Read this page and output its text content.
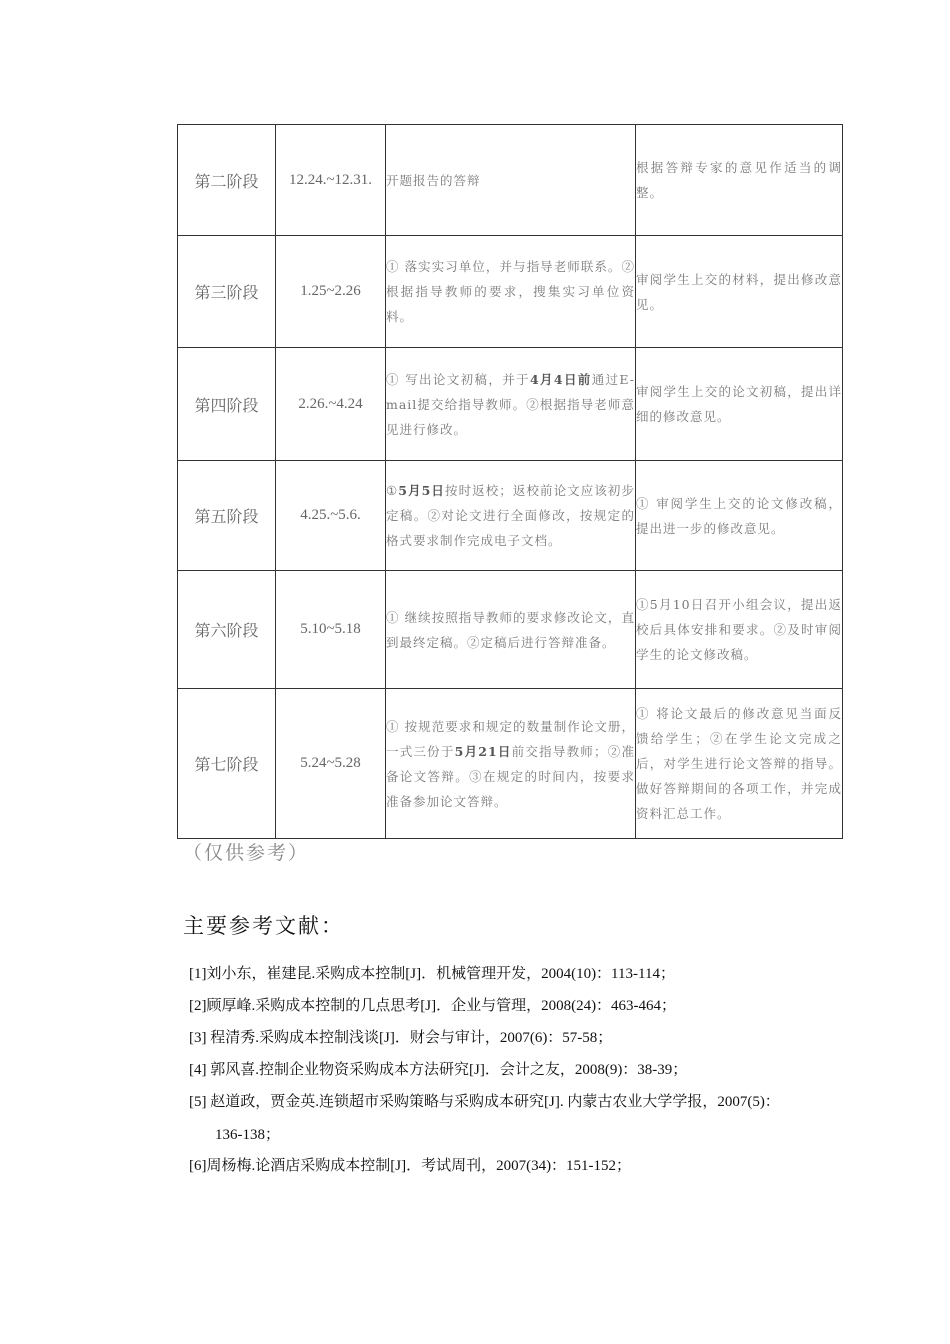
第二阶段	12.24.~12.31.	开题报告的答辩	根据答辩专家的意见作适当的调整。

第三阶段	1.25~2.26	① 落实实习单位，并与指导老师联系。②根据指导教师的要求，搜集实习单位资料。	审阅学生上交的材料，提出修改意见。

第四阶段	2.26.~4.24	① 写出论文初稿，并于4月4日前通过E-mail提交给指导教师。②根据指导老师意见进行修改。	审阅学生上交的论文初稿，提出详细的修改意见。

第五阶段	4.25.~5.6.	①5月5日按时返校；返校前论文应该初步定稿。②对论文进行全面修改，按规定的格式要求制作完成电子文档。	① 审阅学生上交的论文修改稿，提出进一步的修改意见。

第六阶段	5.10~5.18	① 继续按照指导教师的要求修改论文，直到最终定稿。②定稿后进行答辩准备。	①5月10日召开小组会议，提出返校后具体安排和要求。②及时审阅学生的论文修改稿。

第七阶段	5.24~5.28	① 按规范要求和规定的数量制作论文册，一式三份于5月21日前交指导教师；②准备论文答辩。③在规定的时间内，按要求准备参加论文答辩。	① 将论文最后的修改意见当面反馈给学生；②在学生论文完成之后，对学生进行论文答辩的指导。做好答辩期间的各项工作，并完成资料汇总工作。
（仅供参考）
主要参考文献：
[1]刘小东，崔建昆.采购成本控制[J]．机械管理开发，2004(10)：113-114；
[2]顾厚峰.采购成本控制的几点思考[J]．企业与管理，2008(24)：463-464；
[3] 程清秀.采购成本控制浅谈[J]．财会与审计，2007(6)：57-58；
[4] 郭风喜.控制企业物资采购成本方法研究[J]．会计之友，2008(9)：38-39；
[5] 赵道政，贾金英.连锁超市采购策略与采购成本研究[J]. 内蒙古农业大学学报，2007(5)：
136-138；
[6]周杨梅.论酒店采购成本控制[J]．考试周刊，2007(34)：151-152；
